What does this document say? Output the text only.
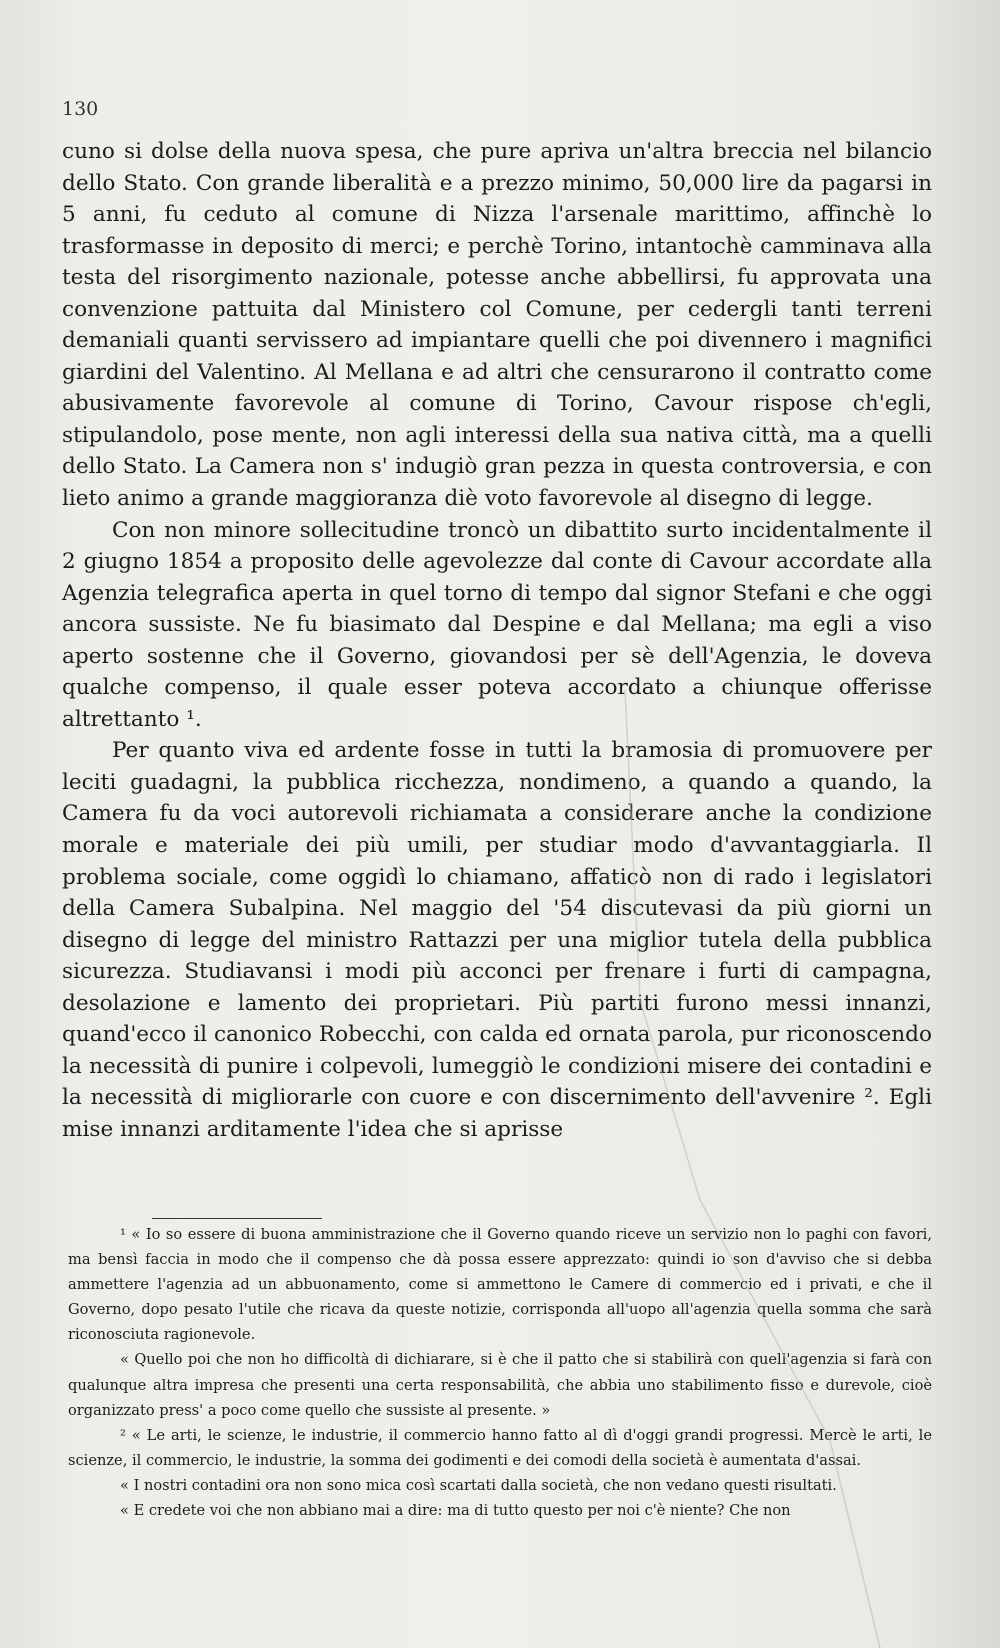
130

cuno si dolse della nuova spesa, che pure apriva un'altra breccia nel bilancio dello Stato. Con grande liberalità e a prezzo minimo, 50,000 lire da pagarsi in 5 anni, fu ceduto al comune di Nizza l'arsenale marittimo, affinchè lo trasformasse in deposito di merci; e perchè Torino, intantochè camminava alla testa del risorgimento nazionale, potesse anche abbellirsi, fu approvata una convenzione pattuita dal Ministero col Comune, per cedergli tanti terreni demaniali quanti servissero ad impiantare quelli che poi divennero i magnifici giardini del Valentino. Al Mellana e ad altri che censurarono il contratto come abusivamente favorevole al comune di Torino, Cavour rispose ch'egli, stipulandolo, pose mente, non agli interessi della sua nativa città, ma a quelli dello Stato. La Camera non s' indugiò gran pezza in questa controversia, e con lieto animo a grande maggioranza diè voto favorevole al disegno di legge.

Con non minore sollecitudine troncò un dibattito surto incidentalmente il 2 giugno 1854 a proposito delle agevolezze dal conte di Cavour accordate alla Agenzia telegrafica aperta in quel torno di tempo dal signor Stefani e che oggi ancora sussiste. Ne fu biasimato dal Despine e dal Mellana; ma egli a viso aperto sostenne che il Governo, giovandosi per sè dell'Agenzia, le doveva qualche compenso, il quale esser poteva accordato a chiunque offerisse altrettanto ¹.

Per quanto viva ed ardente fosse in tutti la bramosia di promuovere per leciti guadagni, la pubblica ricchezza, nondimeno, a quando a quando, la Camera fu da voci autorevoli richiamata a considerare anche la condizione morale e materiale dei più umili, per studiar modo d'avvantaggiarla. Il problema sociale, come oggidì lo chiamano, affaticò non di rado i legislatori della Camera Subalpina. Nel maggio del '54 discutevasi da più giorni un disegno di legge del ministro Rattazzi per una miglior tutela della pubblica sicurezza. Studiavansi i modi più acconci per frenare i furti di campagna, desolazione e lamento dei proprietari. Più partiti furono messi innanzi, quand'ecco il canonico Robecchi, con calda ed ornata parola, pur riconoscendo la necessità di punire i colpevoli, lumeggiò le condizioni misere dei contadini e la necessità di migliorarle con cuore e con discernimento dell'avvenire ². Egli mise innanzi arditamente l'idea che si aprisse

¹ « Io so essere di buona amministrazione che il Governo quando riceve un servizio non lo paghi con favori, ma bensì faccia in modo che il compenso che dà possa essere apprezzato: quindi io son d'avviso che si debba ammettere l'agenzia ad un abbuonamento, come si ammettono le Camere di commercio ed i privati, e che il Governo, dopo pesato l'utile che ricava da queste notizie, corrisponda all'uopo all'agenzia quella somma che sarà riconosciuta ragionevole.

« Quello poi che non ho difficoltà di dichiarare, si è che il patto che si stabilirà con quell'agenzia si farà con qualunque altra impresa che presenti una certa responsabilità, che abbia uno stabilimento fisso e durevole, cioè organizzato press' a poco come quello che sussiste al presente. »

² « Le arti, le scienze, le industrie, il commercio hanno fatto al dì d'oggi grandi progressi. Mercè le arti, le scienze, il commercio, le industrie, la somma dei godimenti e dei comodi della società è aumentata d'assai.

« I nostri contadini ora non sono mica così scartati dalla società, che non vedano questi risultati.

« E credete voi che non abbiano mai a dire: ma di tutto questo per noi c'è niente? Che non
